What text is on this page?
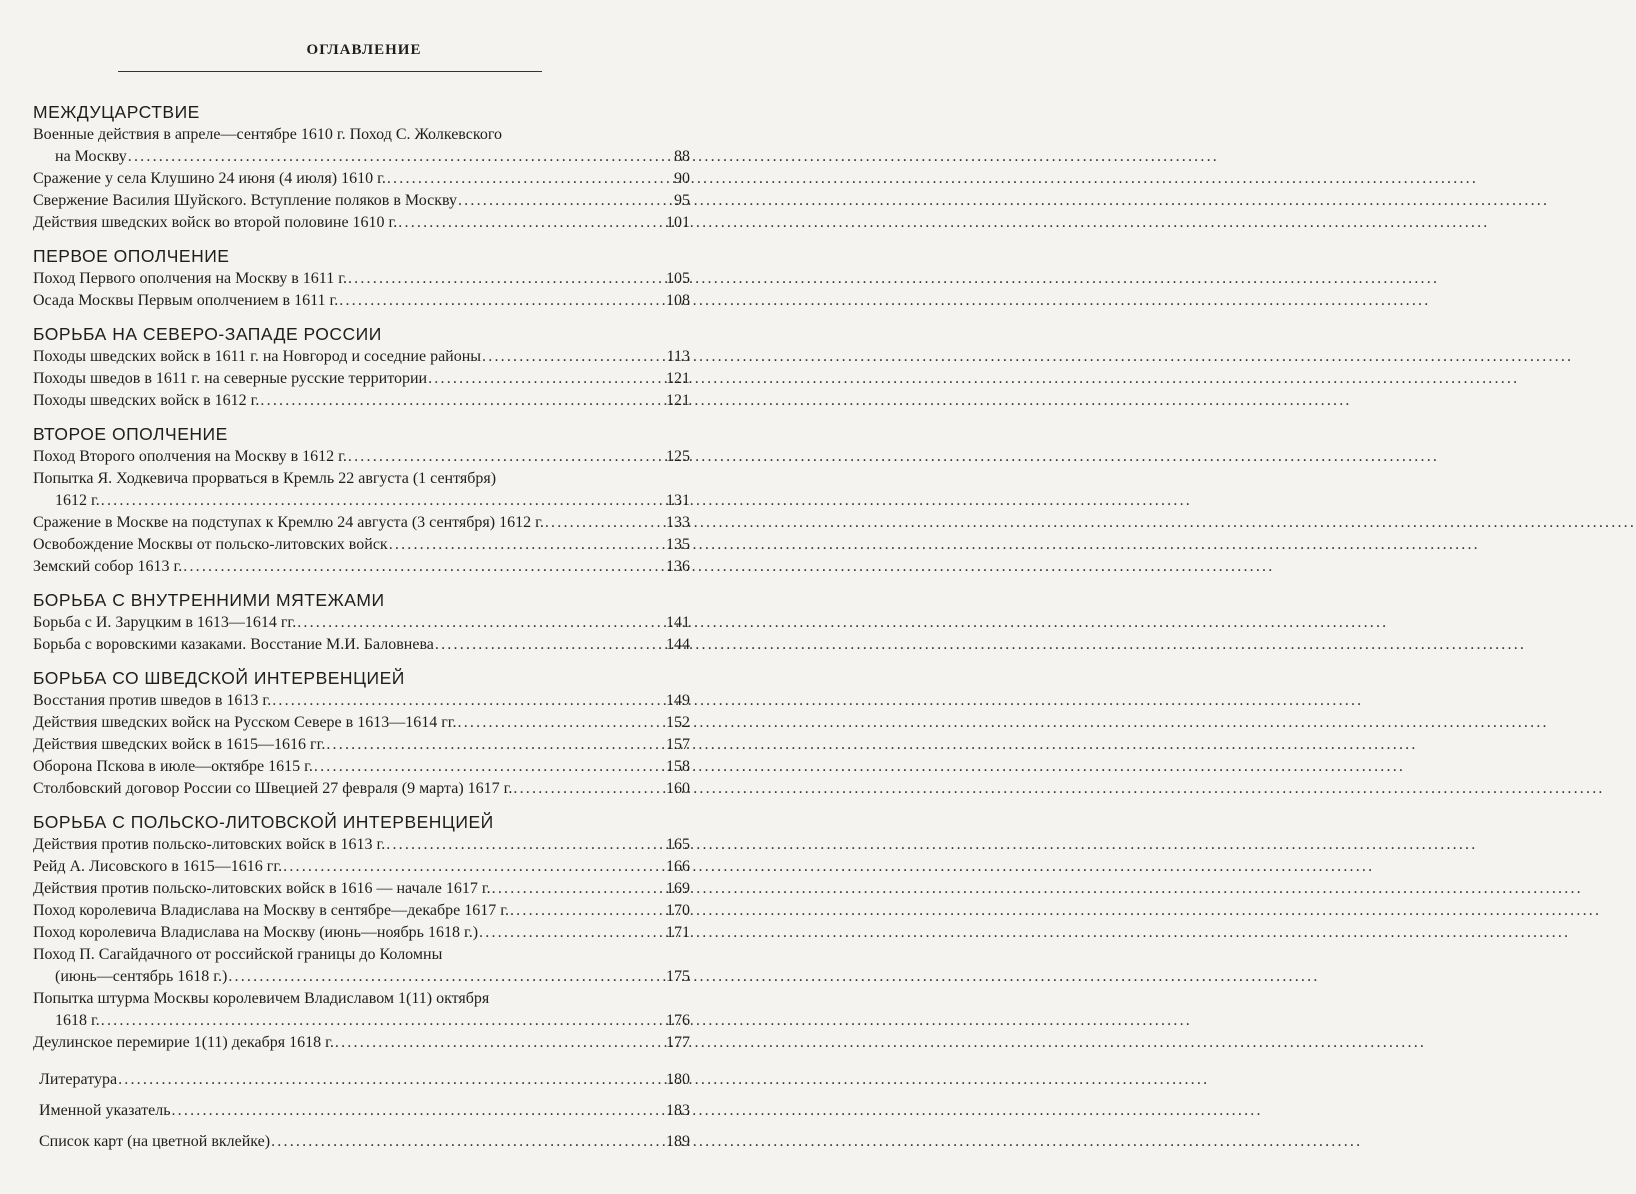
ОГЛАВЛЕНИЕ
МЕЖДУЦАРСТВИЕ
Военные действия в апреле—сентябре 1610 г. Поход С. Жолкевского
на Москву .....	88
Сражение у села Клушино 24 июня (4 июля) 1610 г. .....	90
Свержение Василия Шуйского. Вступление поляков в Москву .....	95
Действия шведских войск во второй половине 1610 г. .....	101
ПЕРВОЕ ОПОЛЧЕНИЕ
Поход Первого ополчения на Москву в 1611 г. .....	105
Осада Москвы Первым ополчением в 1611 г. .....	108
БОРЬБА НА СЕВЕРО-ЗАПАДЕ РОССИИ
Походы шведских войск в 1611 г. на Новгород и соседние районы .....	113
Походы шведов в 1611 г. на северные русские территории .....	121
Походы шведских войск в 1612 г. .....	121
ВТОРОЕ ОПОЛЧЕНИЕ
Поход Второго ополчения на Москву в 1612 г. .....	125
Попытка Я. Ходкевича прорваться в Кремль 22 августа (1 сентября)
1612 г. .....	131
Сражение в Москве на подступах к Кремлю 24 августа (3 сентября) 1612 г. .....	133
Освобождение Москвы от польско-литовских войск .....	135
Земский собор 1613 г. .....	136
БОРЬБА С ВНУТРЕННИМИ МЯТЕЖАМИ
Борьба с И. Заруцким в 1613—1614 гг. .....	141
Борьба с воровскими казаками. Восстание М.И. Баловнева .....	144
БОРЬБА СО ШВЕДСКОЙ ИНТЕРВЕНЦИЕЙ
Восстания против шведов в 1613 г. .....	149
Действия шведских войск на Русском Севере в 1613—1614 гг. .....	152
Действия шведских войск в 1615—1616 гг. .....	157
Оборона Пскова в июле—октябре 1615 г. .....	158
Столбовский договор России со Швецией 27 февраля (9 марта) 1617 г. .....	160
БОРЬБА С ПОЛЬСКО-ЛИТОВСКОЙ ИНТЕРВЕНЦИЕЙ
Действия против польско-литовских войск в 1613 г. .....	165
Рейд А. Лисовского в 1615—1616 гг. .....	166
Действия против польско-литовских войск в 1616 — начале 1617 г. .....	169
Поход королевича Владислава на Москву в сентябре—декабре 1617 г. .....	170
Поход королевича Владислава на Москву (июнь—ноябрь 1618 г.) .....	171
Поход П. Сагайдачного от российской границы до Коломны
(июнь—сентябрь 1618 г.) .....	175
Попытка штурма Москвы королевичем Владиславом 1(11) октября
1618 г. .....	176
Деулинское перемирие 1(11) декабря 1618 г. .....	177
Литература .....	180
Именной указатель .....	183
Список карт (на цветной вклейке) .....	189
